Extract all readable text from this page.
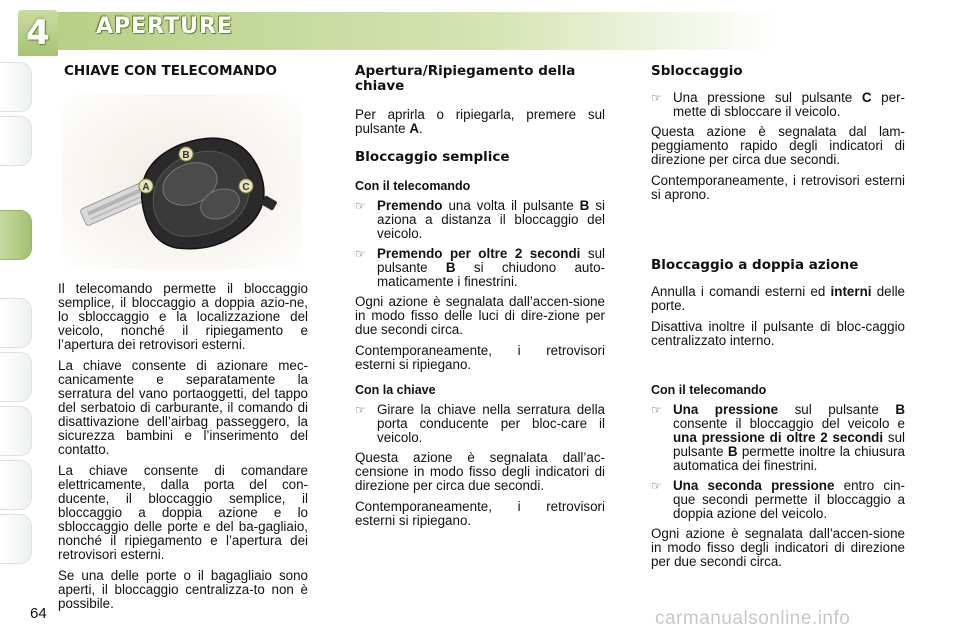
4	APERTURE
CHIAVE CON TELECOMANDO
B
C
A

Il telecomando permette il bloccaggio semplice, il bloccaggio a doppia azio-ne, lo sbloccaggio e la localizzazione del veicolo, nonché il ripiegamento e l’apertura dei retrovisori esterni.

La chiave consente di azionare mec-canicamente e separatamente la serratura del vano portaoggetti, del tappo del serbatoio di carburante, il comando di disattivazione dell’airbag passeggero, la sicurezza bambini e l’inserimento del contatto.

La chiave consente di comandare elettricamente, dalla porta del con-ducente, il bloccaggio semplice, il bloccaggio a doppia azione e lo sbloccaggio delle porte e del ba-gagliaio, nonché il ripiegamento e l’apertura dei retrovisori esterni.

Se una delle porte o il bagagliaio sono aperti, il bloccaggio centralizza-to non è possibile.

Apertura/Ripiegamento della chiave

Per aprirla o ripiegarla, premere sul pulsante A.

Bloccaggio semplice
Con il telecomando
☞ Premendo una volta il pulsante B si aziona a distanza il bloccaggio del veicolo.
☞ Premendo per oltre 2 secondi sul pulsante B si chiudono auto-maticamente i finestrini.

Ogni azione è segnalata dall’accen-sione in modo fisso delle luci di dire-zione per due secondi circa.

Contemporaneamente, i retrovisori esterni si ripiegano.

Con la chiave
☞ Girare la chiave nella serratura della porta conducente per bloc-care il veicolo.

Questa azione è segnalata dall’ac-censione in modo fisso degli indicatori di direzione per circa due secondi.

Contemporaneamente, i retrovisori esterni si ripiegano.

Sbloccaggio
☞ Una pressione sul pulsante C per-mette di sbloccare il veicolo.

Questa azione è segnalata dal lam-peggiamento rapido degli indicatori di direzione per circa due secondi.

Contemporaneamente, i retrovisori esterni si aprono.

Bloccaggio a doppia azione

Annulla i comandi esterni ed interni delle porte.

Disattiva inoltre il pulsante di bloc-caggio centralizzato interno.

Con il telecomando
☞ Una pressione sul pulsante B consente il bloccaggio del veicolo e una pressione di oltre 2 secondi sul pulsante B permette inoltre la chiusura automatica dei finestrini.
☞ Una seconda pressione entro cin-que secondi permette il bloccaggio a doppia azione del veicolo.

Ogni azione è segnalata dall’accen-sione in modo fisso degli indicatori di direzione per due secondi circa.

64	carmanualsonline.info
